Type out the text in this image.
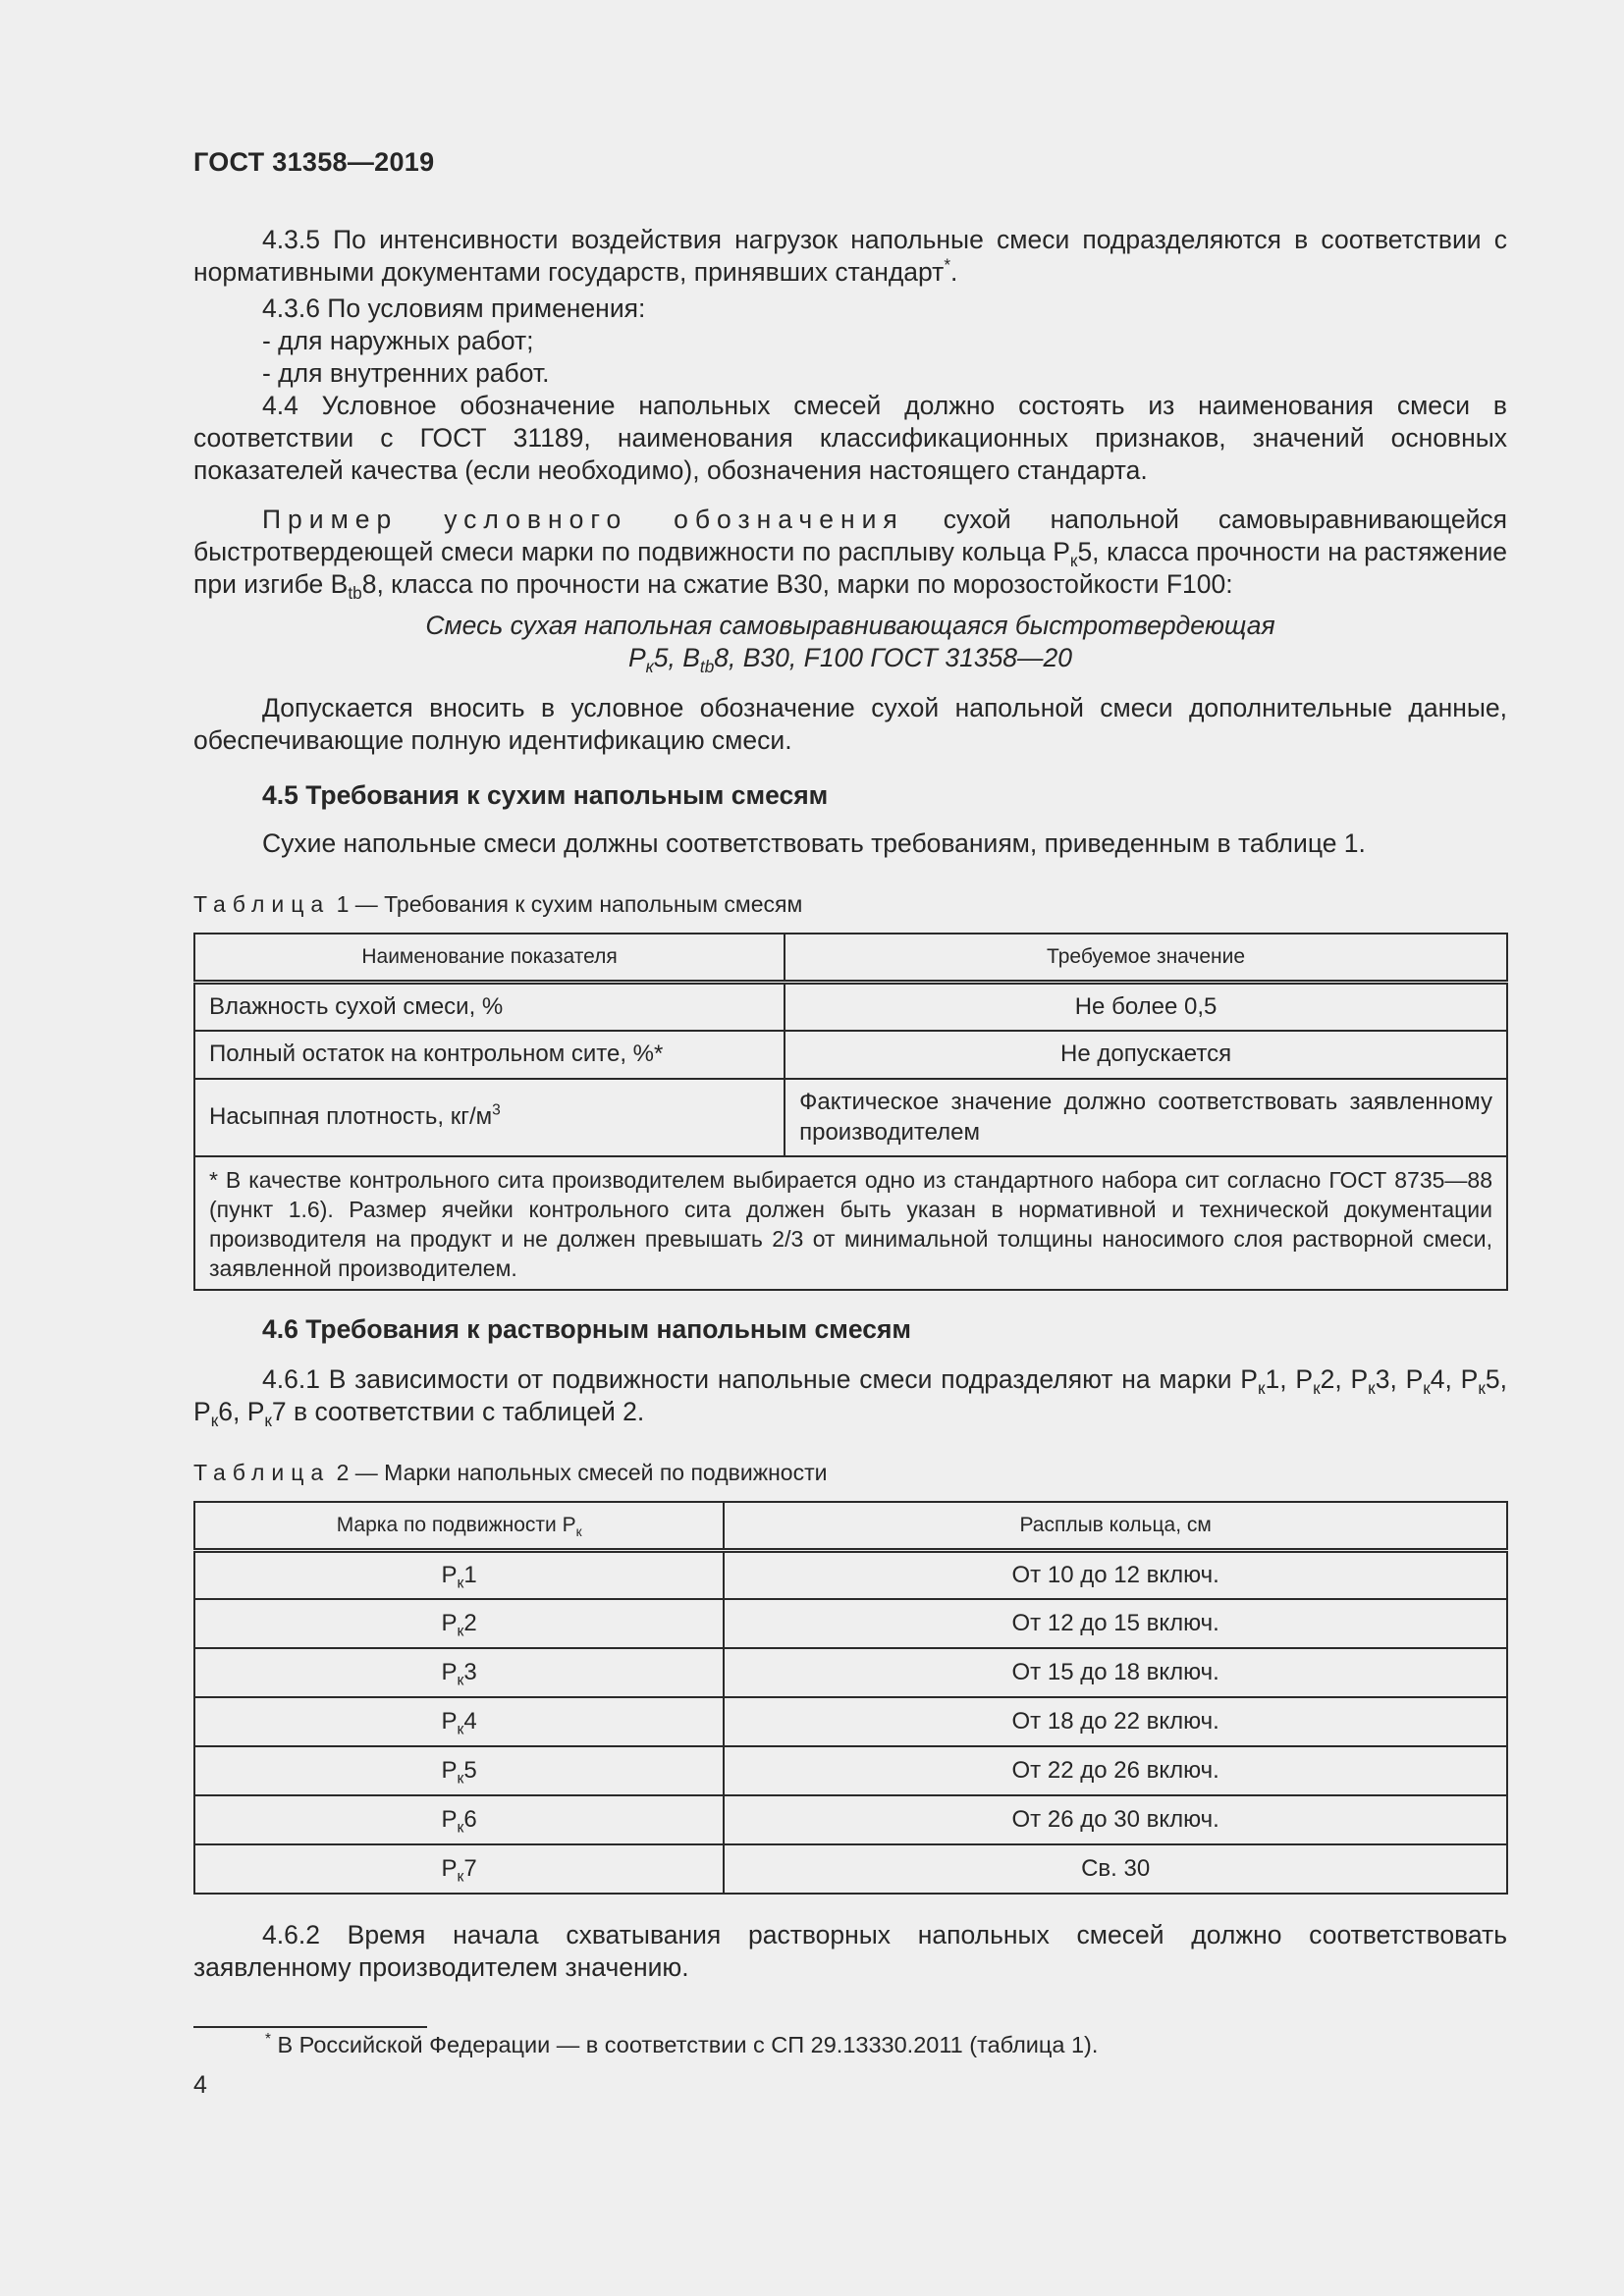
ГОСТ 31358—2019
4.3.5 По интенсивности воздействия нагрузок напольные смеси подразделяются в соответствии с нормативными документами государств, принявших стандарт*.
4.3.6 По условиям применения:
- для наружных работ;
- для внутренних работ.
4.4 Условное обозначение напольных смесей должно состоять из наименования смеси в соответствии с ГОСТ 31189, наименования классификационных признаков, значений основных показателей качества (если необходимо), обозначения настоящего стандарта.
Пример условного обозначения сухой напольной самовыравнивающейся быстротвердеющей смеси марки по подвижности по расплыву кольца $Р_к5$, класса прочности на растяжение при изгибе $В_{tb}8$, класса по прочности на сжатие В30, марки по морозостойкости F100:
Смесь сухая напольная самовыравнивающаяся быстротвердеющая
$Р_к5$, $В_{tb}8$, В30, F100 ГОСТ 31358—20
Допускается вносить в условное обозначение сухой напольной смеси дополнительные данные, обеспечивающие полную идентификацию смеси.
4.5 Требования к сухим напольным смесям
Сухие напольные смеси должны соответствовать требованиям, приведенным в таблице 1.
Таблица 1 — Требования к сухим напольным смесям
Наименование показателя	Требуемое значение
Влажность сухой смеси, %	Не более 0,5
Полный остаток на контрольном сите, %*	Не допускается
Насыпная плотность, $кг/м^3$	Фактическое значение должно соответствовать заявленному производителем
* В качестве контрольного сита производителем выбирается одно из стандартного набора сит согласно ГОСТ 8735—88 (пункт 1.6). Размер ячейки контрольного сита должен быть указан в нормативной и технической документации производителя на продукт и не должен превышать 2/3 от минимальной толщины наносимого слоя растворной смеси, заявленной производителем.	
4.6 Требования к растворным напольным смесям
4.6.1 В зависимости от подвижности напольные смеси подразделяют на марки $Р_к1$, $Р_к2$, $Р_к3$, $Р_к4$, $Р_к5$, $Р_к6$, $Р_к7$ в соответствии с таблицей 2.
Таблица 2 — Марки напольных смесей по подвижности
Марка по подвижности $Р_к$	Расплыв кольца, см
$Р_к1$	От 10 до 12 включ.
$Р_к2$	От 12 до 15 включ.
$Р_к3$	От 15 до 18 включ.
$Р_к4$	От 18 до 22 включ.
$Р_к5$	От 22 до 26 включ.
$Р_к6$	От 26 до 30 включ.
$Р_к7$	Св. 30
4.6.2 Время начала схватывания растворных напольных смесей должно соответствовать заявленному производителем значению.
* В Российской Федерации — в соответствии с СП 29.13330.2011 (таблица 1).
4
